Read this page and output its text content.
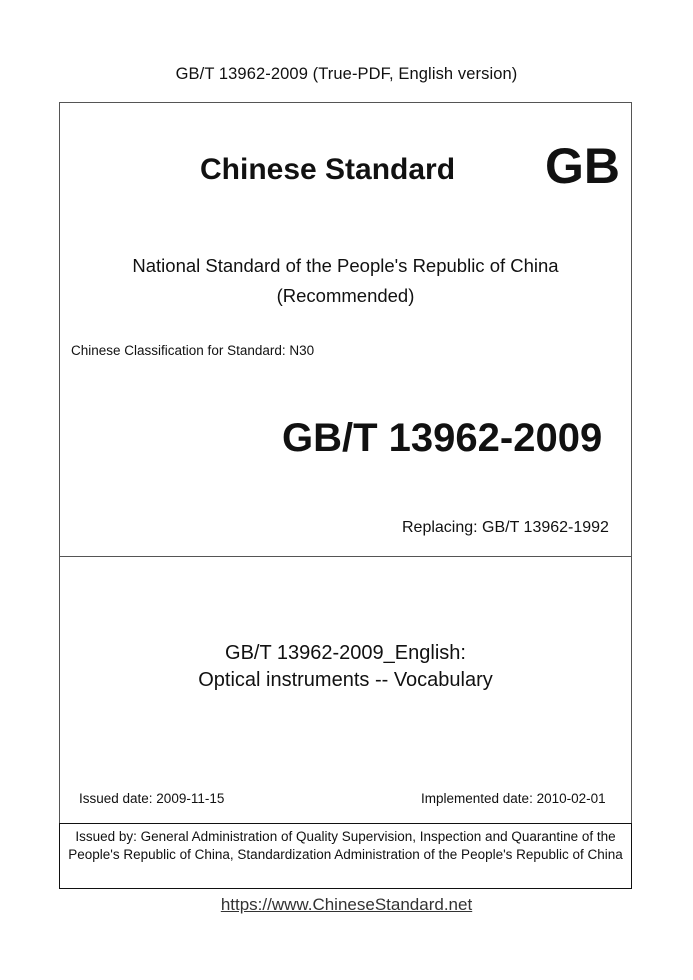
GB/T 13962-2009 (True-PDF, English version)
Chinese Standard GB
National Standard of the People's Republic of China
(Recommended)
Chinese Classification for Standard: N30
GB/T 13962-2009
Replacing: GB/T 13962-1992
GB/T 13962-2009_English:
Optical instruments -- Vocabulary
Issued date: 2009-11-15	Implemented date: 2010-02-01
Issued by: General Administration of Quality Supervision, Inspection and Quarantine of the People's Republic of China, Standardization Administration of the People's Republic of China
https://www.ChineseStandard.net
